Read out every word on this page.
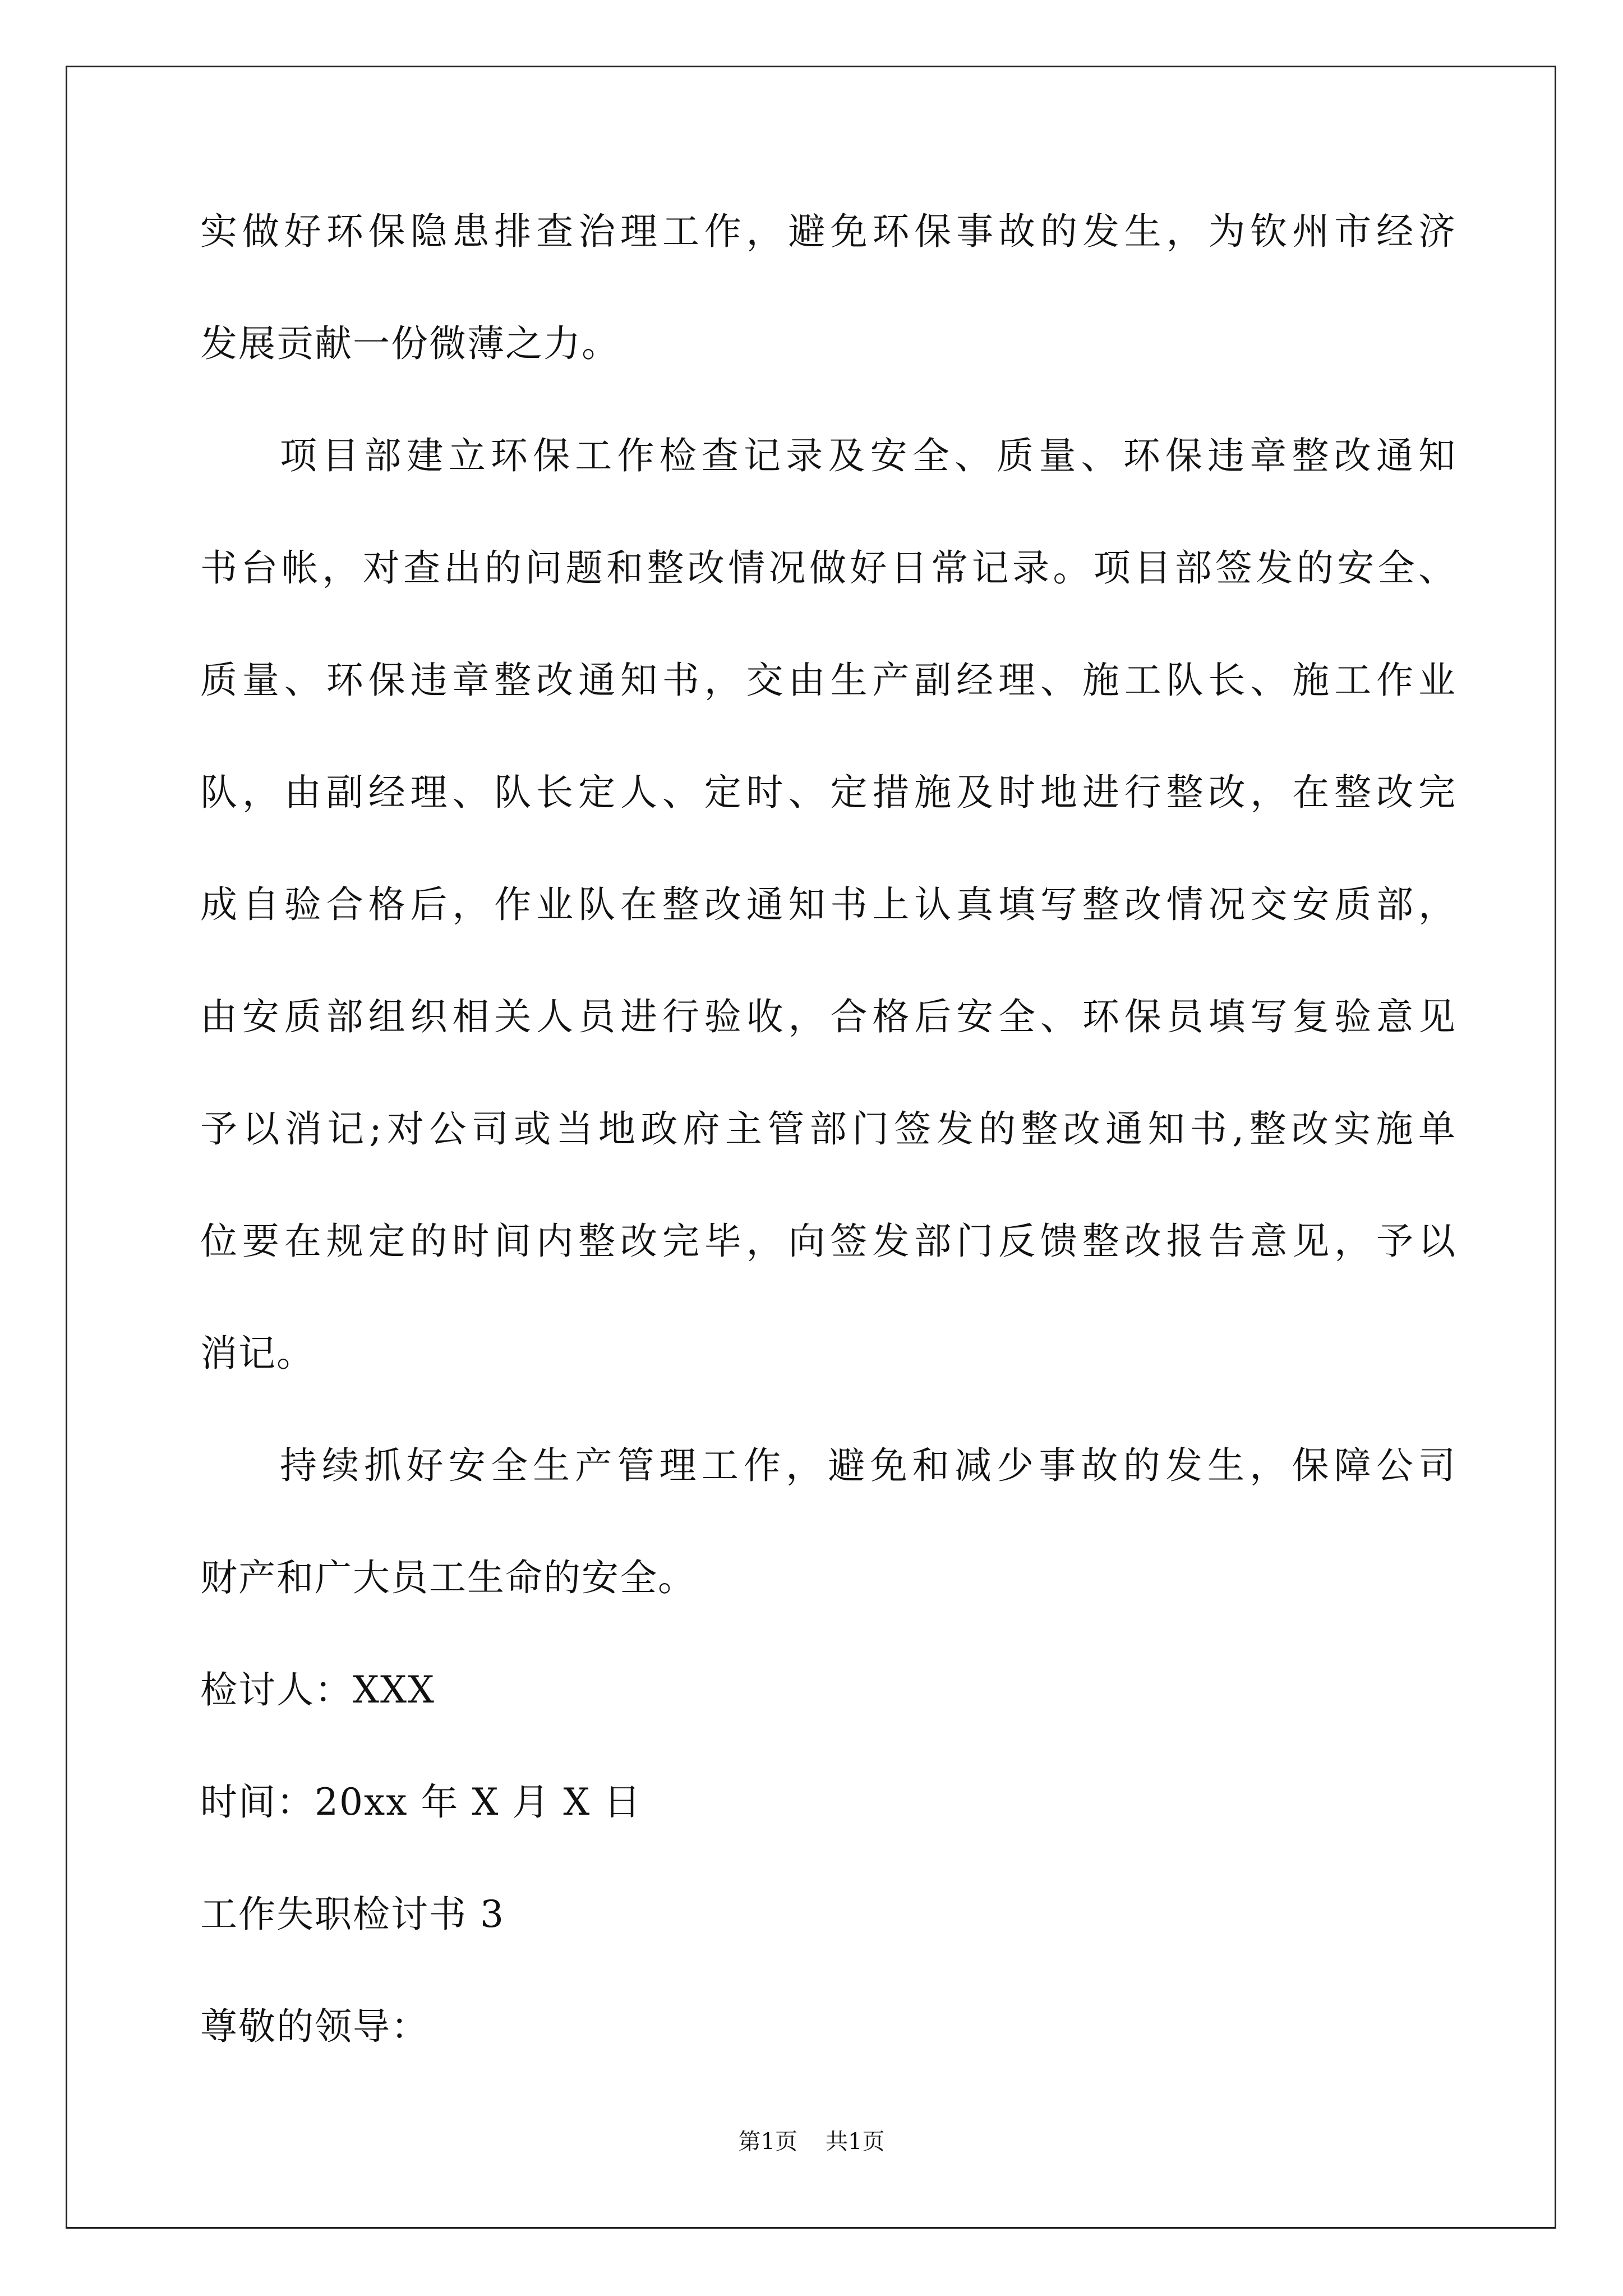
实做好环保隐患排查治理工作，避免环保事故的发生，为钦州市经济
发展贡献一份微薄之力。
项目部建立环保工作检查记录及安全、质量、环保违章整改通知
书台帐，对查出的问题和整改情况做好日常记录。项目部签发的安全、
质量、环保违章整改通知书，交由生产副经理、施工队长、施工作业
队，由副经理、队长定人、定时、定措施及时地进行整改，在整改完
成自验合格后，作业队在整改通知书上认真填写整改情况交安质部，
由安质部组织相关人员进行验收，合格后安全、环保员填写复验意见
予以消记;对公司或当地政府主管部门签发的整改通知书,整改实施单
位要在规定的时间内整改完毕，向签发部门反馈整改报告意见，予以
消记。
持续抓好安全生产管理工作，避免和减少事故的发生，保障公司
财产和广大员工生命的安全。
检讨人：XXX
时间：20xx 年 X 月 X 日
工作失职检讨书 3
尊敬的领导：
第1页 共1页
